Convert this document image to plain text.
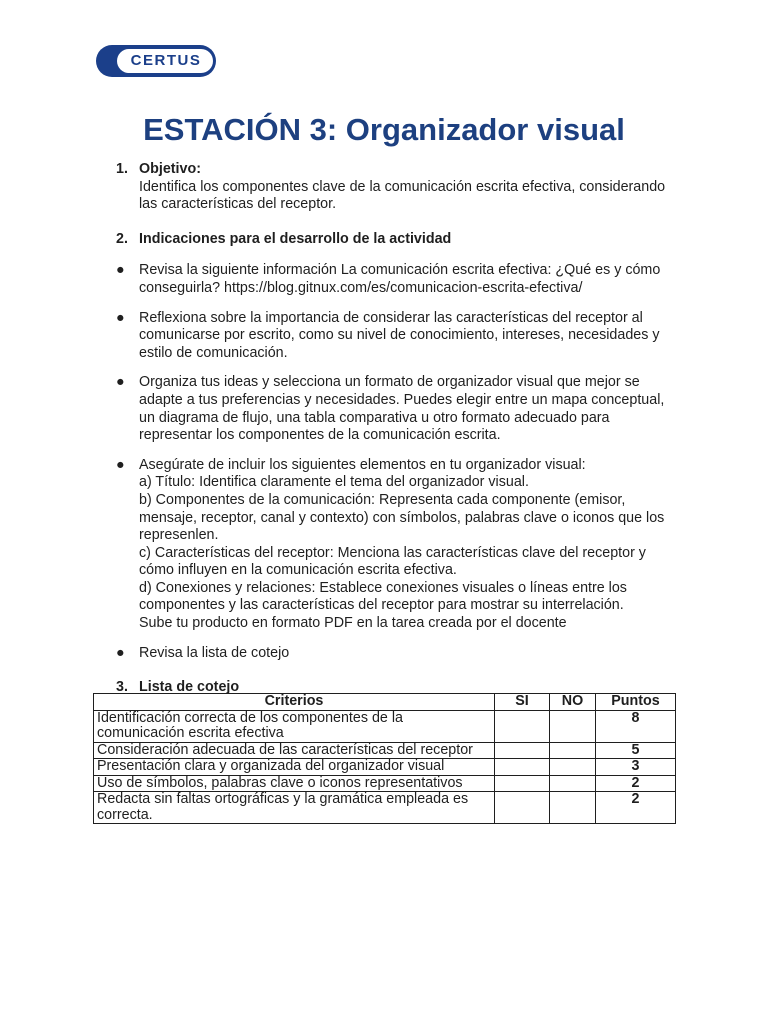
CERTUS
ESTACIÓN 3: Organizador visual
1. Objetivo:
Identifica los componentes clave de la comunicación escrita efectiva, considerando
las características del receptor.
2. Indicaciones para el desarrollo de la actividad
● Revisa la siguiente información La comunicación escrita efectiva: ¿Qué es y cómo
conseguirla? https://blog.gitnux.com/es/comunicacion-escrita-efectiva/
● Reflexiona sobre la importancia de considerar las características del receptor al
comunicarse por escrito, como su nivel de conocimiento, intereses, necesidades y
estilo de comunicación.
● Organiza tus ideas y selecciona un formato de organizador visual que mejor se
adapte a tus preferencias y necesidades. Puedes elegir entre un mapa conceptual,
un diagrama de flujo, una tabla comparativa u otro formato adecuado para
representar los componentes de la comunicación escrita.
● Asegúrate de incluir los siguientes elementos en tu organizador visual:
a) Título: Identifica claramente el tema del organizador visual.
b) Componentes de la comunicación: Representa cada componente (emisor,
mensaje, receptor, canal y contexto) con símbolos, palabras clave o iconos que los
represenlen.
c) Características del receptor: Menciona las características clave del receptor y
cómo influyen en la comunicación escrita efectiva.
d) Conexiones y relaciones: Establece conexiones visuales o líneas entre los
componentes y las características del receptor para mostrar su interrelación.
Sube tu producto en formato PDF en la tarea creada por el docente
● Revisa la lista de cotejo
3. Lista de cotejo
Criterios	SI	NO	Puntos

Identificación correcta de los componentes de la
comunicación escrita efectiva			8

Consideración adecuada de las características del receptor			5

Presentación clara y organizada del organizador visual			3

Uso de símbolos, palabras clave o iconos representativos			2

Redacta sin faltas ortográficas y la gramática empleada es
correcta.			2
